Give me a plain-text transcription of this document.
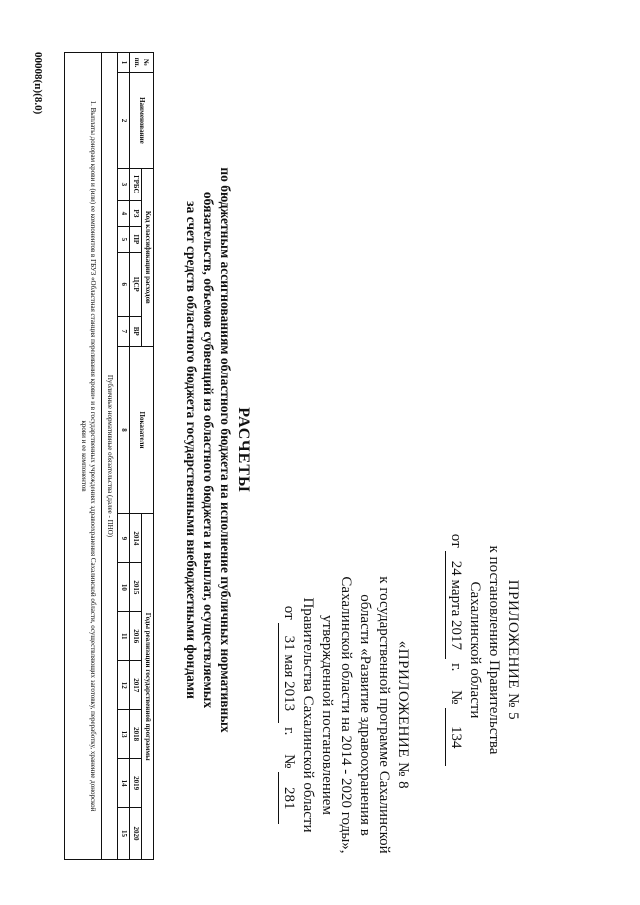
ПРИЛОЖЕНИЕ № 5
к постановлению Правительства
Сахалинской области
от 24 марта 2017 г.     № 134
«ПРИЛОЖЕНИЕ № 8
к государственной программе Сахалинской
области «Развитие здравоохранения в
Сахалинской области на 2014 - 2020 годы»,
утвержденной постановлением
Правительства Сахалинской области
от 31 мая 2013 г.     № 281
РАСЧЕТЫ
по бюджетным ассигнованиям областного бюджета на исполнение публичных нормативных
обязательств, объемов субвенций из областного бюджета и выплат, осуществляемых
за счет средств областного бюджета государственными внебюджетными фондами
№ пп.	Наименование	Код классификации расходов					Показатели	Годы реализации государственной программы						
		ГРБС	РЗ	ПР	ЦСР	ВР		2014	2015	2016	2017	2018	2019	2020
1	2	3	4	5	6	7	8	9	10	11	12	13	14	15
Публичные нормативные обязательства (далее - ПНО)														
1. Выплаты донорам крови и (или) ее компонентов в ГБУЗ «Областная станция переливания крови» и в государственных учреждениях здравоохранения Сахалинской области, осуществляющих заготовку, переработку, хранение донорской крови и ее компонентов														
00008(п)(8.0)
